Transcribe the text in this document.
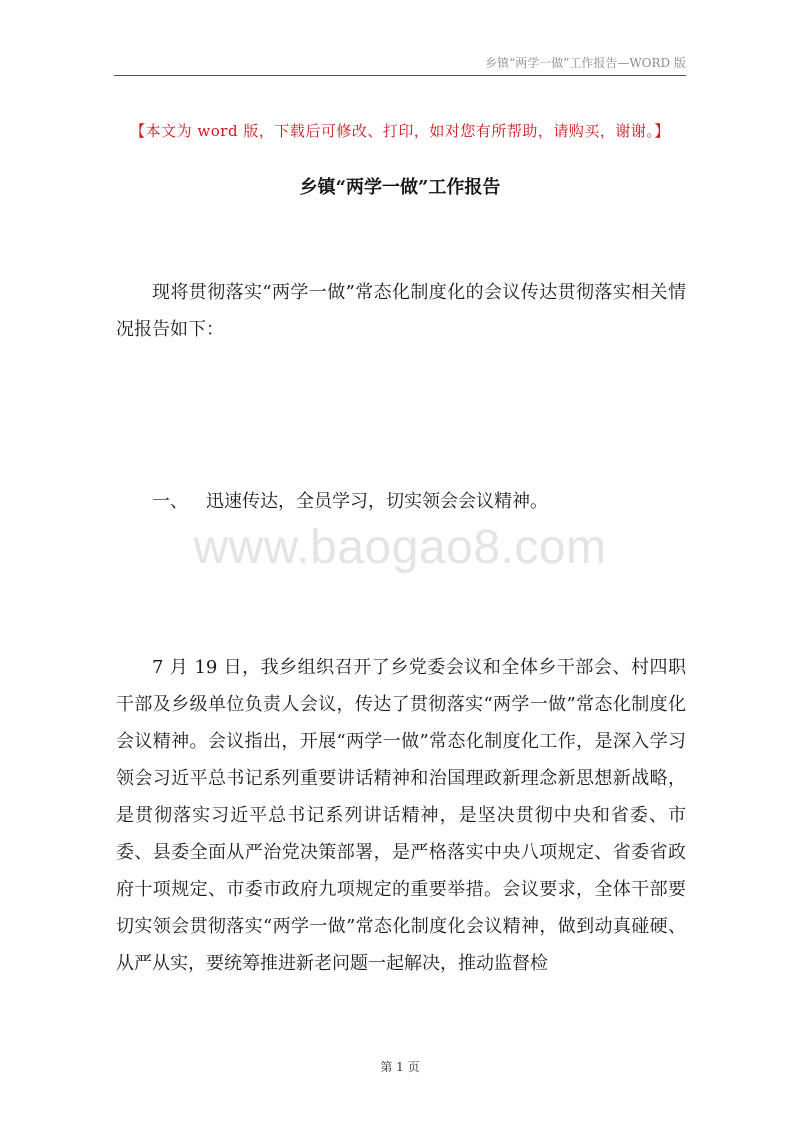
乡镇“两学一做”工作报告—WORD 版
【本文为 word 版，下载后可修改、打印，如对您有所帮助，请购买，谢谢。】
乡镇“两学一做”工作报告

现将贯彻落实“两学一做”常态化制度化的会议传达贯彻落实相关情况报告如下：

一、 迅速传达，全员学习，切实领会会议精神。
www.baogao8.com

7 月 19 日，我乡组织召开了乡党委会议和全体乡干部会、村四职干部及乡级单位负责人会议，传达了贯彻落实“两学一做”常态化制度化会议精神。会议指出，开展“两学一做”常态化制度化工作，是深入学习领会习近平总书记系列重要讲话精神和治国理政新理念新思想新战略，是贯彻落实习近平总书记系列讲话精神，是坚决贯彻中央和省委、市委、县委全面从严治党决策部署，是严格落实中央八项规定、省委省政府十项规定、市委市政府九项规定的重要举措。会议要求，全体干部要切实领会贯彻落实“两学一做”常态化制度化会议精神，做到动真碰硬、从严从实，要统筹推进新老问题一起解决，推动监督检

第 1 页
